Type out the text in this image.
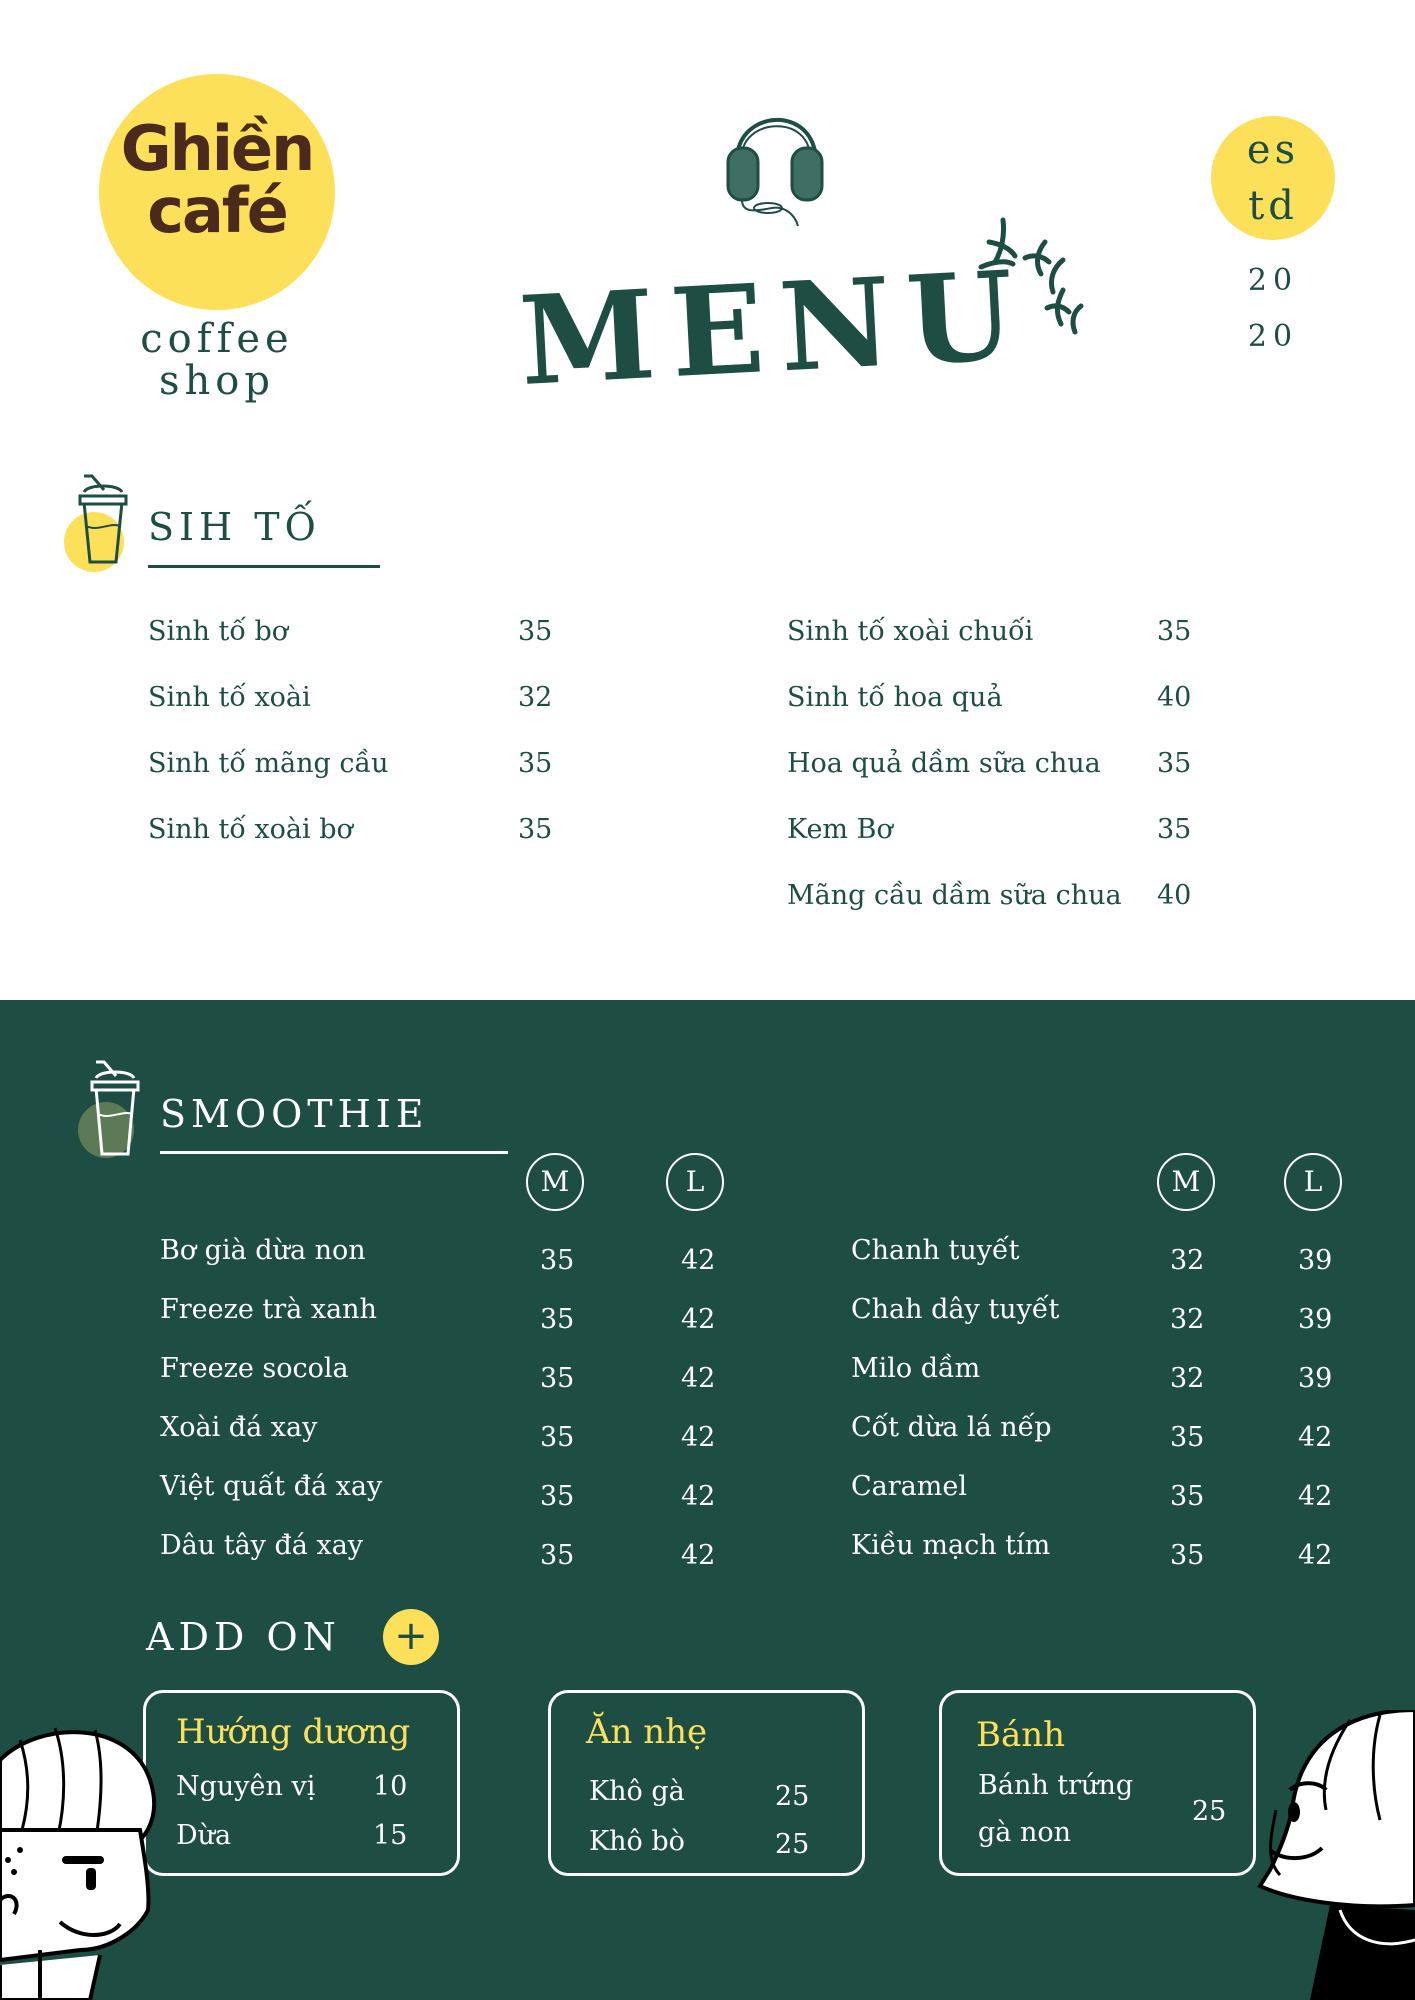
Ghiền
café
coffee
shop	MENU
es
td
20
20
SIH TỐ
Sinh tố bơ	35
Sinh tố xoài	32
Sinh tố mãng cầu	35
Sinh tố xoài bơ	35
Sinh tố xoài chuối	35
Sinh tố hoa quả	40
Hoa quả dầm sữa chua 35
Kem Bơ	35
Mãng cầu dầm sữa chua 40
SMOOTHIE
M	L	M	L
Bơ già dừa non	35	42
Freeze trà xanh	35	42
Freeze socola	35	42
Xoài đá xay	35	42
Việt quất đá xay	35	42
Dâu tây đá xay	35	42
Chanh tuyết	32	39
Chah dây tuyết	32	39
Milo dầm	32	39
Cốt dừa lá nếp	35	42
Caramel	35	42
Kiều mạch tím	35	42
ADD ON +
Hướng dương
Nguyên vị 10
Dừa	15
Ăn nhẹ
Khô gà	25
Khô bò	25
Bánh
Bánh trứng
gà non
25
